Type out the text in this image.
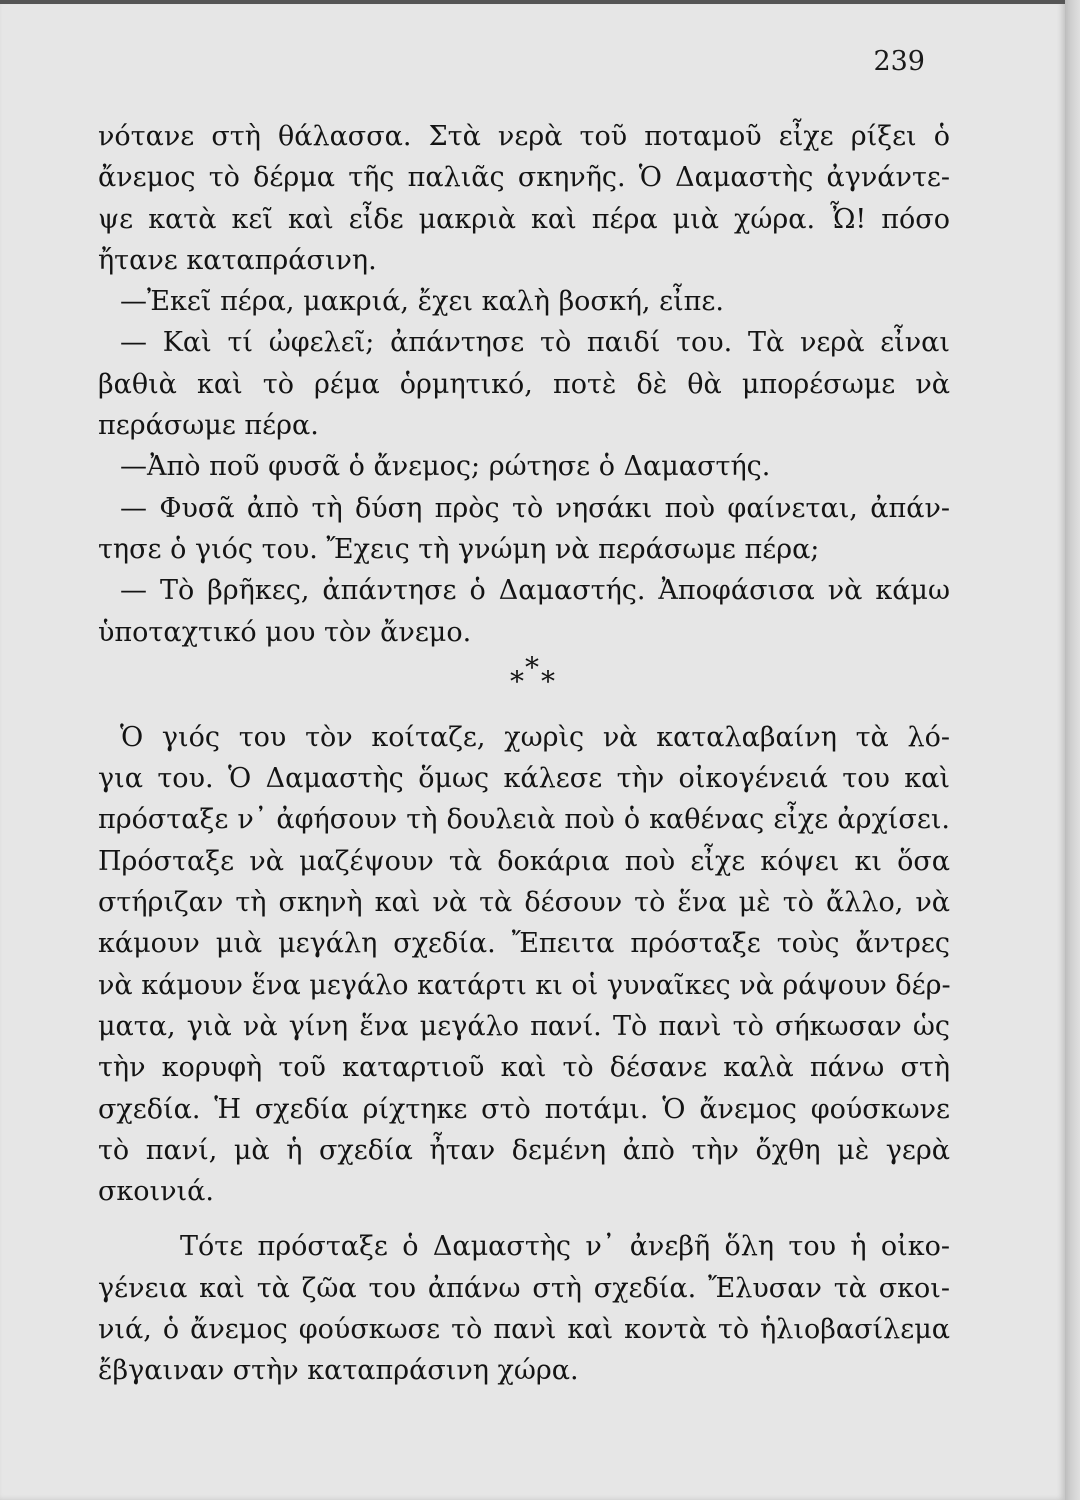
239
νότανε στὴ θάλασσα. Στὰ νερὰ τοῦ ποταμοῦ εἶχε ρίξει ὁ
ἄνεμος τὸ δέρμα τῆς παλιᾶς σκηνῆς. Ὁ Δαμαστὴς ἀγνάντε-
ψε κατὰ κεῖ καὶ εἶδε μακριὰ καὶ πέρα μιὰ χώρα. Ὦ! πόσο
ἤτανε καταπράσινη.
—Ἐκεῖ πέρα, μακριά, ἔχει καλὴ βοσκή, εἶπε.
— Καὶ τί ὠφελεῖ; ἀπάντησε τὸ παιδί του. Τὰ νερὰ εἶναι
βαθιὰ καὶ τὸ ρέμα ὁρμητικό, ποτὲ δὲ θὰ μπορέσωμε νὰ
περάσωμε πέρα.
—Ἀπὸ ποῦ φυσᾶ ὁ ἄνεμος; ρώτησε ὁ Δαμαστής.
— Φυσᾶ ἀπὸ τὴ δύση πρὸς τὸ νησάκι ποὺ φαίνεται, ἀπάν-
τησε ὁ γιός του. Ἔχεις τὴ γνώμη νὰ περάσωμε πέρα;
— Τὸ βρῆκες, ἀπάντησε ὁ Δαμαστής. Ἀποφάσισα νὰ κάμω
ὑποταχτικό μου τὸν ἄνεμο.
*
* *
Ὁ γιός του τὸν κοίταζε, χωρὶς νὰ καταλαβαίνη τὰ λό-
για του. Ὁ Δαμαστὴς ὅμως κάλεσε τὴν οἰκογένειά του καὶ
πρόσταξε ν᾿ ἀφήσουν τὴ δουλειὰ ποὺ ὁ καθένας εἶχε ἀρχίσει.
Πρόσταξε νὰ μαζέψουν τὰ δοκάρια ποὺ εἶχε κόψει κι ὅσα
στήριζαν τὴ σκηνὴ καὶ νὰ τὰ δέσουν τὸ ἕνα μὲ τὸ ἄλλο, νὰ
κάμουν μιὰ μεγάλη σχεδία. Ἔπειτα πρόσταξε τοὺς ἄντρες
νὰ κάμουν ἕνα μεγάλο κατάρτι κι οἱ γυναῖκες νὰ ράψουν δέρ-
ματα, γιὰ νὰ γίνη ἕνα μεγάλο πανί. Τὸ πανὶ τὸ σήκωσαν ὡς
τὴν κορυφὴ τοῦ καταρτιοῦ καὶ τὸ δέσανε καλὰ πάνω στὴ
σχεδία. Ἡ σχεδία ρίχτηκε στὸ ποτάμι. Ὁ ἄνεμος φούσκωνε
τὸ πανί, μὰ ἡ σχεδία ἦταν δεμένη ἀπὸ τὴν ὄχθη μὲ γερὰ
σκοινιά.
Τότε πρόσταξε ὁ Δαμαστὴς ν᾿ ἀνεβῆ ὅλη του ἡ οἰκο-
γένεια καὶ τὰ ζῶα του ἀπάνω στὴ σχεδία. Ἔλυσαν τὰ σκοι-
νιά, ὁ ἄνεμος φούσκωσε τὸ πανὶ καὶ κοντὰ τὸ ἡλιοβασίλεμα
ἔβγαιναν στὴν καταπράσινη χώρα.
